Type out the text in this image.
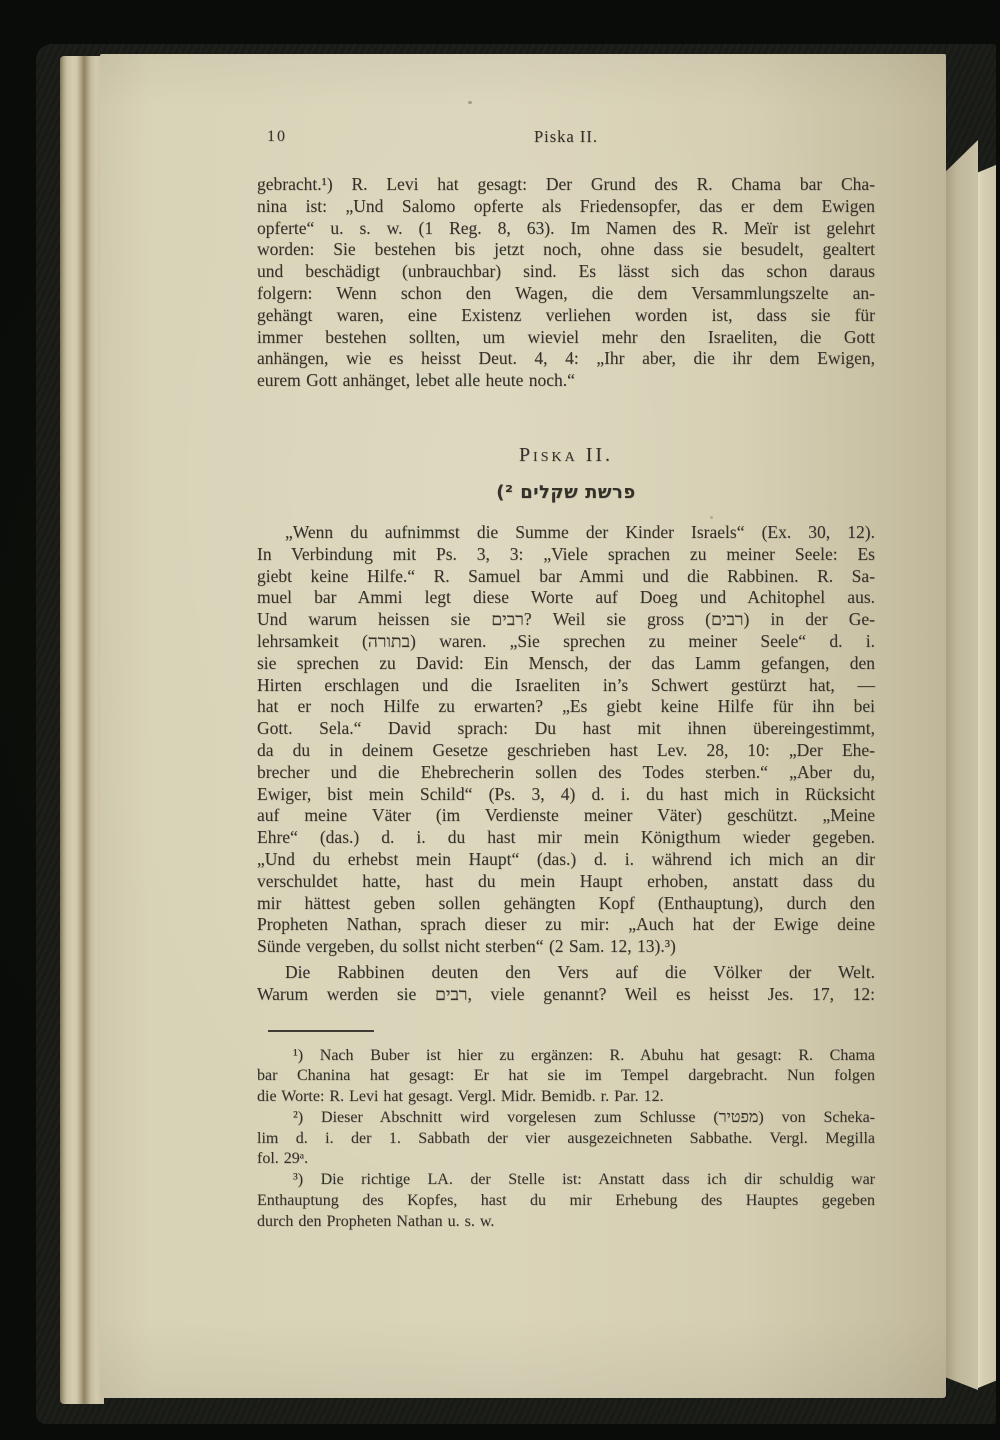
10	Piska II.
gebracht.¹) R. Levi hat gesagt: Der Grund des R. Chama bar Cha-
nina ist: „Und Salomo opferte als Friedensopfer, das er dem Ewigen
opferte“ u. s. w. (1 Reg. 8, 63). Im Namen des R. Meïr ist gelehrt
worden: Sie bestehen bis jetzt noch, ohne dass sie besudelt, gealtert
und beschädigt (unbrauchbar) sind. Es lässt sich das schon daraus
folgern: Wenn schon den Wagen, die dem Versammlungszelte an-
gehängt waren, eine Existenz verliehen worden ist, dass sie für
immer bestehen sollten, um wieviel mehr den Israeliten, die Gott
anhängen, wie es heisst Deut. 4, 4: „Ihr aber, die ihr dem Ewigen,
eurem Gott anhänget, lebet alle heute noch.“
Piska II.
פרשת שקלים ²)
„Wenn du aufnimmst die Summe der Kinder Israels“ (Ex. 30, 12).
In Verbindung mit Ps. 3, 3: „Viele sprachen zu meiner Seele: Es
giebt keine Hilfe.“ R. Samuel bar Ammi und die Rabbinen. R. Sa-
muel bar Ammi legt diese Worte auf Doeg und Achitophel aus.
Und warum heissen sie רבים? Weil sie gross (רבים) in der Ge-
lehrsamkeit (בתורה) waren. „Sie sprechen zu meiner Seele“ d. i.
sie sprechen zu David: Ein Mensch, der das Lamm gefangen, den
Hirten erschlagen und die Israeliten in’s Schwert gestürzt hat, —
hat er noch Hilfe zu erwarten? „Es giebt keine Hilfe für ihn bei
Gott. Sela.“ David sprach: Du hast mit ihnen übereingestimmt,
da du in deinem Gesetze geschrieben hast Lev. 28, 10: „Der Ehe-
brecher und die Ehebrecherin sollen des Todes sterben.“ „Aber du,
Ewiger, bist mein Schild“ (Ps. 3, 4) d. i. du hast mich in Rücksicht
auf meine Väter (im Verdienste meiner Väter) geschützt. „Meine
Ehre“ (das.) d. i. du hast mir mein Königthum wieder gegeben.
„Und du erhebst mein Haupt“ (das.) d. i. während ich mich an dir
verschuldet hatte, hast du mein Haupt erhoben, anstatt dass du
mir hättest geben sollen gehängten Kopf (Enthauptung), durch den
Propheten Nathan, sprach dieser zu mir: „Auch hat der Ewige deine
Sünde vergeben, du sollst nicht sterben“ (2 Sam. 12, 13).³)
Die Rabbinen deuten den Vers auf die Völker der Welt.
Warum werden sie רבים, viele genannt? Weil es heisst Jes. 17, 12:
¹) Nach Buber ist hier zu ergänzen: R. Abuhu hat gesagt: R. Chama
bar Chanina hat gesagt: Er hat sie im Tempel dargebracht. Nun folgen
die Worte: R. Levi hat gesagt. Vergl. Midr. Bemidb. r. Par. 12.
²) Dieser Abschnitt wird vorgelesen zum Schlusse (מפטיר) von Scheka-
lim d. i. der 1. Sabbath der vier ausgezeichneten Sabbathe. Vergl. Megilla
fol. 29ᵃ.
³) Die richtige LA. der Stelle ist: Anstatt dass ich dir schuldig war
Enthauptung des Kopfes, hast du mir Erhebung des Hauptes gegeben
durch den Propheten Nathan u. s. w.
